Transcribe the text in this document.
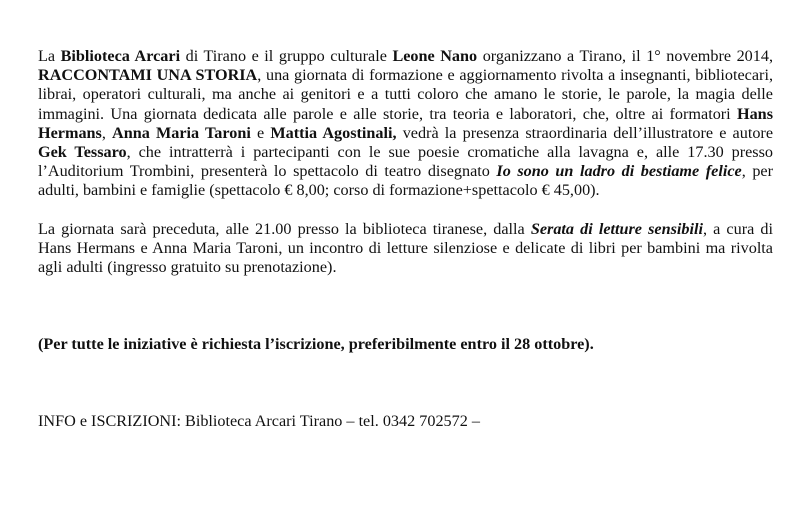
La Biblioteca Arcari di Tirano e il gruppo culturale Leone Nano organizzano a Tirano, il 1° novembre 2014, RACCONTAMI UNA STORIA, una giornata di formazione e aggiornamento rivolta a insegnanti, bibliotecari, librai, operatori culturali, ma anche ai genitori e a tutti coloro che amano le storie, le parole, la magia delle immagini. Una giornata dedicata alle parole e alle storie, tra teoria e laboratori, che, oltre ai formatori Hans Hermans, Anna Maria Taroni e Mattia Agostinali, vedrà la presenza straordinaria dell’illustratore e autore Gek Tessaro, che intratterrà i partecipanti con le sue poesie cromatiche alla lavagna e, alle 17.30 presso l’Auditorium Trombini, presenterà lo spettacolo di teatro disegnato Io sono un ladro di bestiame felice, per adulti, bambini e famiglie (spettacolo € 8,00; corso di formazione+spettacolo € 45,00).

La giornata sarà preceduta, alle 21.00 presso la biblioteca tiranese, dalla Serata di letture sensibili, a cura di Hans Hermans e Anna Maria Taroni, un incontro di letture silenziose e delicate di libri per bambini ma rivolta agli adulti (ingresso gratuito su prenotazione).

(Per tutte le iniziative è richiesta l’iscrizione, preferibilmente entro il 28 ottobre).

INFO e ISCRIZIONI: Biblioteca Arcari Tirano – tel. 0342 702572 –
